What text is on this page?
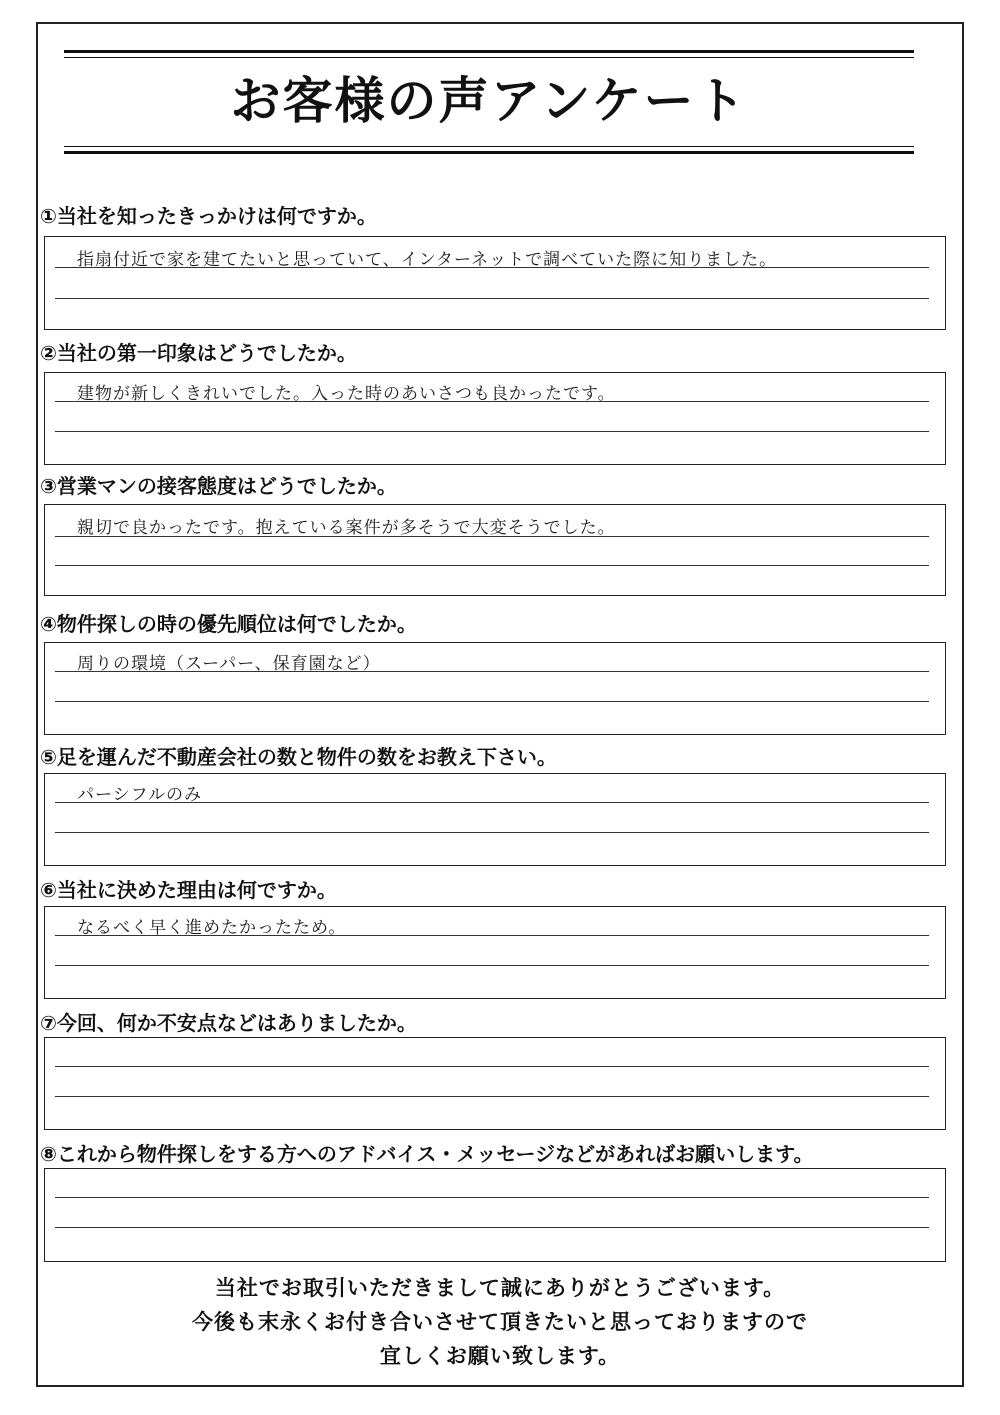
お客様の声アンケート
①当社を知ったきっかけは何ですか。
指扇付近で家を建てたいと思っていて、インターネットで調べていた際に知りました。
②当社の第一印象はどうでしたか。
建物が新しくきれいでした。入った時のあいさつも良かったです。
③営業マンの接客態度はどうでしたか。
親切で良かったです。抱えている案件が多そうで大変そうでした。
④物件探しの時の優先順位は何でしたか。
周りの環境（スーパー、保育園など）
⑤足を運んだ不動産会社の数と物件の数をお教え下さい。
パーシフルのみ
⑥当社に決めた理由は何ですか。
なるべく早く進めたかったため。
⑦今回、何か不安点などはありましたか。
⑧これから物件探しをする方へのアドバイス・メッセージなどがあればお願いします。
当社でお取引いただきまして誠にありがとうございます。
今後も末永くお付き合いさせて頂きたいと思っておりますので
宜しくお願い致します。
